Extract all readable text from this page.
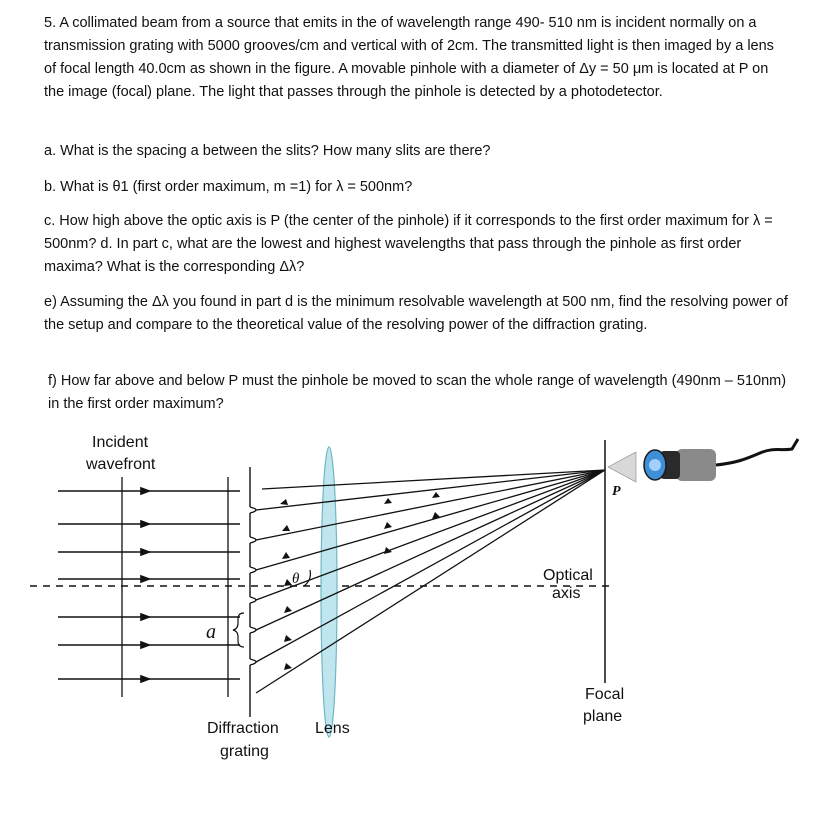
5. A collimated beam from a source that emits in the of wavelength range 490- 510 nm is incident normally on a transmission grating with 5000 grooves/cm and vertical with of 2cm. The transmitted light is then imaged by a lens of focal length 40.0cm as shown in the figure. A movable pinhole with a diameter of Δy = 50 μm is located at P on the image (focal) plane. The light that passes through the pinhole is detected by a photodetector.
a. What is the spacing a between the slits? How many slits are there?
b. What is θ1 (first order maximum, m =1) for λ = 500nm?
c. How high above the optic axis is P (the center of the pinhole) if it corresponds to the first order maximum for λ = 500nm? d. In part c, what are the lowest and highest wavelengths that pass through the pinhole as first order maxima? What is the corresponding Δλ?
e) Assuming the Δλ you found in part d is the minimum resolvable wavelength at 500 nm, find the resolving power of the setup and compare to the theoretical value of the resolving power of the diffraction grating.
f) How far above and below P must the pinhole be moved to scan the whole range of wavelength (490nm – 510nm) in the first order maximum?
Incident
wavefront
a
θ
P
Optical
axis
Focal
plane
Diffraction
grating
Lens
